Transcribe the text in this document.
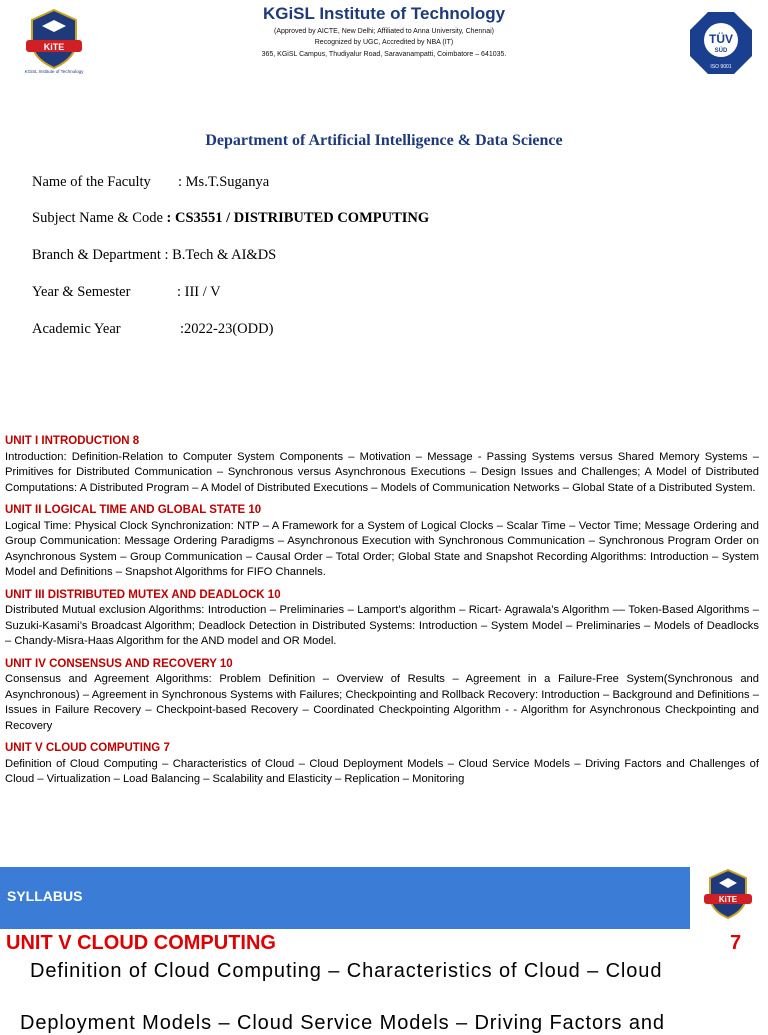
KiTE
KGiSL Institute of Technology
KGiSL Institute of Technology
(Approved by AICTE, New Delhi; Affiliated to Anna University, Chennai)
Recognized by UGC, Accredited by NBA (IT)
365, KGiSL Campus, Thudiyalur Road, Saravanampatti, Coimbatore – 641035.
TÜV
SÜD
ISO 9001
Department of Artificial Intelligence & Data Science
Name of the Faculty : Ms.T.Suganya
Subject Name & Code : CS3551 / DISTRIBUTED COMPUTING
Branch & Department : B.Tech & AI&DS
Year & Semester	: III / V
Academic Year	:2022-23(ODD)
UNIT I INTRODUCTION 8
Introduction: Definition-Relation to Computer System Components – Motivation – Message - Passing Systems versus Shared Memory Systems – Primitives for Distributed Communication – Synchronous versus Asynchronous Executions – Design Issues and Challenges; A Model of Distributed Computations: A Distributed Program – A Model of Distributed Executions – Models of Communication Networks – Global State of a Distributed System.
UNIT II LOGICAL TIME AND GLOBAL STATE 10
Logical Time: Physical Clock Synchronization: NTP – A Framework for a System of Logical Clocks – Scalar Time – Vector Time; Message Ordering and Group Communication: Message Ordering Paradigms – Asynchronous Execution with Synchronous Communication – Synchronous Program Order on Asynchronous System – Group Communication – Causal Order – Total Order; Global State and Snapshot Recording Algorithms: Introduction – System Model and Definitions – Snapshot Algorithms for FIFO Channels.
UNIT III DISTRIBUTED MUTEX AND DEADLOCK 10
Distributed Mutual exclusion Algorithms: Introduction – Preliminaries – Lamport’s algorithm – Ricart- Agrawala’s Algorithm –– Token-Based Algorithms – Suzuki-Kasami’s Broadcast Algorithm; Deadlock Detection in Distributed Systems: Introduction – System Model – Preliminaries – Models of Deadlocks – Chandy-Misra-Haas Algorithm for the AND model and OR Model.
UNIT IV CONSENSUS AND RECOVERY 10
Consensus and Agreement Algorithms: Problem Definition – Overview of Results – Agreement in a Failure-Free System(Synchronous and Asynchronous) – Agreement in Synchronous Systems with Failures; Checkpointing and Rollback Recovery: Introduction – Background and Definitions – Issues in Failure Recovery – Checkpoint-based Recovery – Coordinated Checkpointing Algorithm - - Algorithm for Asynchronous Checkpointing and Recovery
UNIT V CLOUD COMPUTING 7
Definition of Cloud Computing – Characteristics of Cloud – Cloud Deployment Models – Cloud Service Models – Driving Factors and Challenges of Cloud – Virtualization – Load Balancing – Scalability and Elasticity – Replication – Monitoring
SYLLABUS	KiTE
UNIT V CLOUD COMPUTING	7
Definition of Cloud Computing – Characteristics of Cloud – Cloud
Deployment Models – Cloud Service Models – Driving Factors and
